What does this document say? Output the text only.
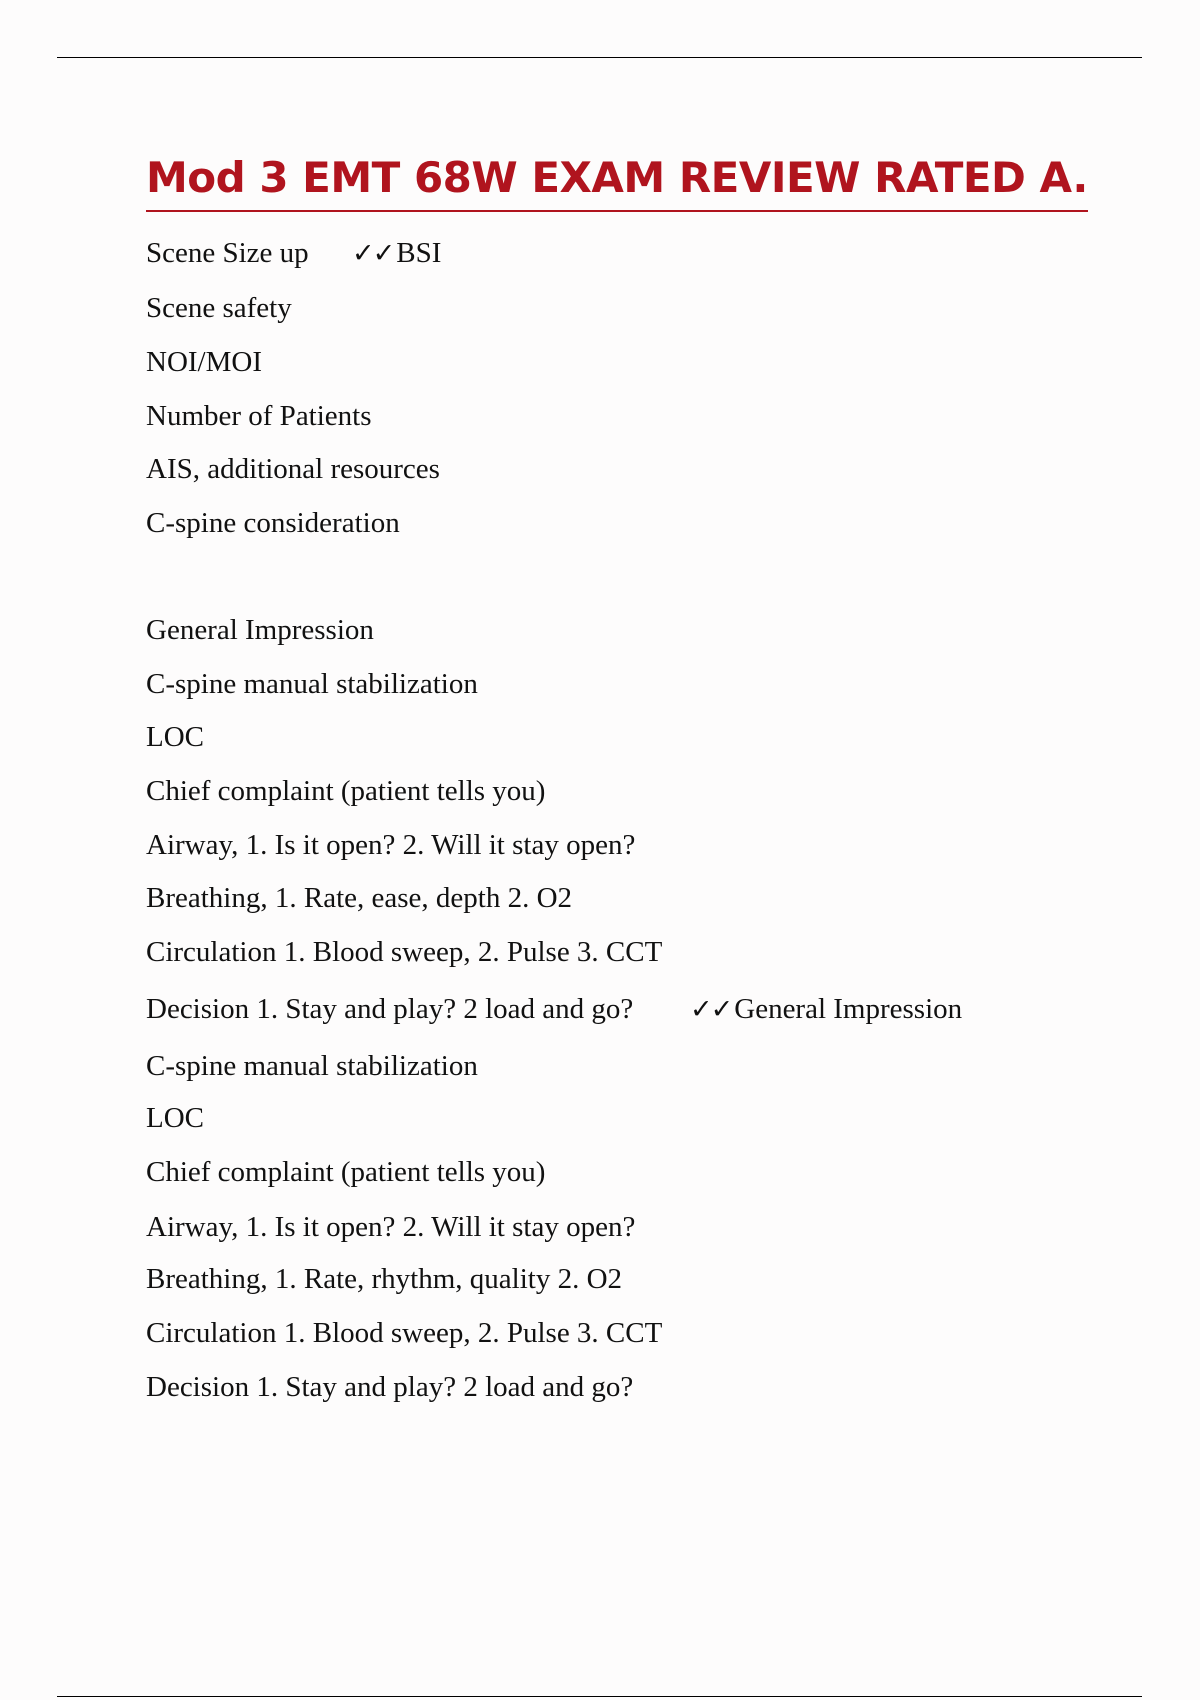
Mod 3 EMT 68W EXAM REVIEW RATED A.

Scene Size up ✓✓ BSI

Scene safety

NOI/MOI

Number of Patients

AIS, additional resources

C-spine consideration

General Impression

C-spine manual stabilization

LOC

Chief complaint (patient tells you)

Airway, 1. Is it open? 2. Will it stay open?

Breathing, 1. Rate, ease, depth 2. O2

Circulation 1. Blood sweep, 2. Pulse 3. CCT

Decision 1. Stay and play? 2 load and go? ✓✓ General Impression

C-spine manual stabilization

LOC

Chief complaint (patient tells you)

Airway, 1. Is it open? 2. Will it stay open?

Breathing, 1. Rate, rhythm, quality 2. O2

Circulation 1. Blood sweep, 2. Pulse 3. CCT

Decision 1. Stay and play? 2 load and go?
